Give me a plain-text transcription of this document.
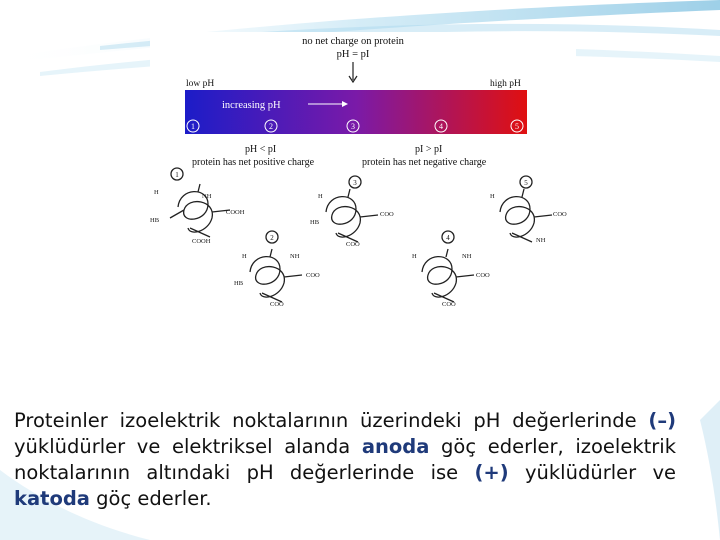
no net charge on protein
pH = pI
low pH	high pH
increasing pH
1	2	3	4	5
pH < pI
protein has net positive charge
pI > pI
protein has net negative charge
COOH
COOH
NH
HB
H
1
COO
COO
HB
NH
H
2
COO
COO
HB
H
3
COO
COO
NH
H
4
COO
NH
H
5
Proteinler izoelektrik noktalarının üzerindeki pH değerlerinde (–) yüklüdürler ve elektriksel alanda anoda göç ederler, izoelektrik noktalarının altındaki pH değerlerinde ise (+) yüklüdürler ve katoda göç ederler.
